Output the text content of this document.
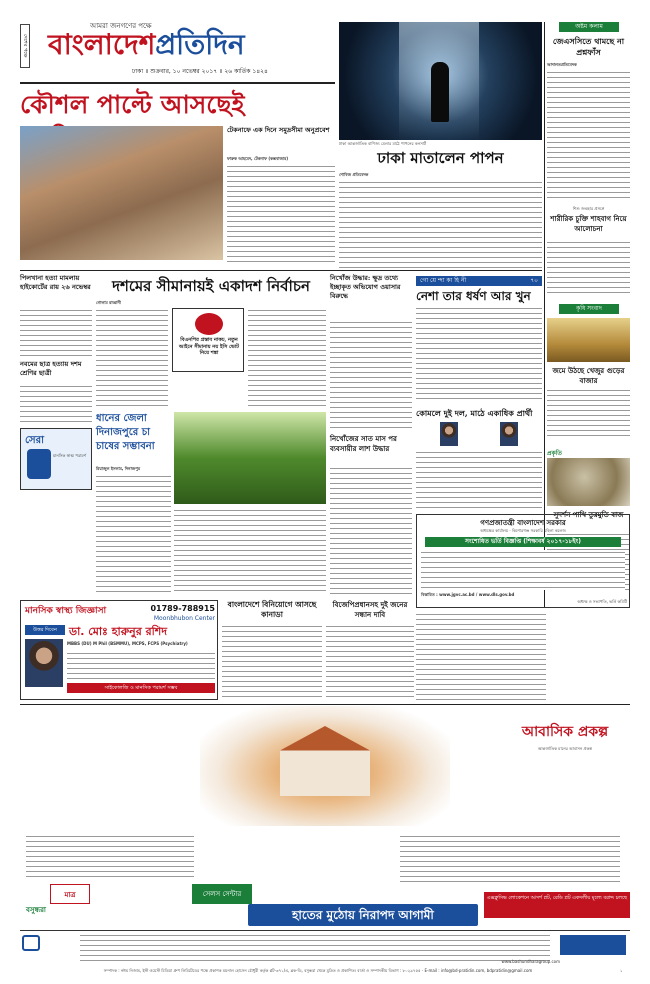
দেশের পক্ষে
আমরা জনগণের পক্ষে
বাংলাদেশপ্রতিদিন
ঢাকা ॥ শুক্রবার, ১০ নভেম্বর ২০১৭ ॥ ২৬ কার্তিক ১৪২৪
ঢাকা আন্তর্জাতিক বাণিজ্য মেলার মাঠে পাপনের কনসার্ট
অষ্টম কলাম
জেএসসিতে থামছে না প্রশ্নফাঁস
আদালতপ্রতিবেদক
শিশু জন্মহার প্রসঙ্গে
শারীরিক চুক্তি শাহবাগ নিয়ে আলোচনা
কৃষি সংবাদ
জমে উঠছে খেজুর গুড়ের বাজার
প্রকৃতি
সুদর্শন পাখি তুরমুতি বাজ
কৌশল পাল্টে আসছেই
টেকনাফে এক দিনে সমুদ্রসীমা অনুপ্রবেশ
ফারুক আহমেদ, টেকনাফ (কক্সবাজার)	ঢাকা মাতালেন পাপন
শোবিজ প্রতিবেদক
পিলখানা হত্যা মামলায় হাইকোর্টের রায় ২৬ নভেম্বর
নবমের ছাত্র হত্যায় দশম শ্রেণির ছাত্রী
সেরা
মানসিক স্বাস্থ্য পরামর্শ
দশমের সীমানায়ই একাদশ নির্বাচন
গোলাম রাব্বানী
বিএনপির প্রস্তাব নাকচ, নতুন আইনে সীমানায় নয় ইসি ভোট নিয়ে শঙ্কা
ধানের জেলা দিনাজপুরে চা চাষের সম্ভাবনা
রিয়াজুল ইসলাম, দিনাজপুর
নিখোঁজ উদ্ধার: ক্ষুদ্র তথ্যে ইচ্ছাকৃত অভিযোগ ওয়াসার বিরুদ্ধে
নিখোঁজের সাত মাস পর ব্যবসায়ীর লাশ উদ্ধার
গো য়ে ন্দা কা হি নী	৭০
নেশা তার ধর্ষণ আর খুন
কোমলে দুই দল, মাঠে একাধিক প্রার্থী
গণপ্রজাতন্ত্রী বাংলাদেশ সরকার
অধ্যক্ষের কার্যালয় · কিশোরগঞ্জ সরকারি মহিলা কলেজ
সংশোধিত ভর্তি বিজ্ঞপ্তি (শিক্ষাবর্ষ ২০১৭-১৮ইং)
বিস্তারিত : www.jgvc.ac.bd / www.dls.gov.bd
অধ্যক্ষ ও সভাপতি, ভর্তি কমিটি
বাংলাদেশে বিনিয়োগে আসছে কানাডা
বিজেপিপ্রধানসহ দুই জনের সন্ধান দাবি
মানসিক স্বাস্থ্য জিজ্ঞাসা	01789-788915
Moonbhubon Center
উত্তর দিবেন	ডা. মোঃ হারুনুর রশিদ
MBBS (DU) M Phil (BSMMU), MCPS, FCPS (Psychiatry)
সাইকোলজি ও মানসিক পরামর্শ সম্ভব
আবাসিক প্রকল্প
আন্তর্জাতিক মানের আবাসন প্রকল্প
মাত্র	সেলস সেন্টার
হাতের মুঠোয় নিরাপদ আগামী
এক্সক্লুসিভ লোকেশনে আদর্শ প্লট, রেডি প্লট একদলীয় মূল্যে বরাদ্দ চলছে
বসুন্ধরা
www.bashundharagroup.com
সম্পাদক : নঈম নিজাম, ইস্ট ওয়েস্ট মিডিয়া গ্রুপ লিমিটেডের পক্ষে প্রকাশক ময়নাল হোসেন চৌধুরী কর্তৃক প্লট-৩৭১/এ, ব্লক-ডি, বসুন্ধরা থেকে মুদ্রিত ও প্রকাশিত। বার্তা ও সম্পাদকীয় বিভাগ : ৮০২৯৭৫৫ · E-mail : info@bd-pratidin.com, bdpratidin@gmail.com	১
